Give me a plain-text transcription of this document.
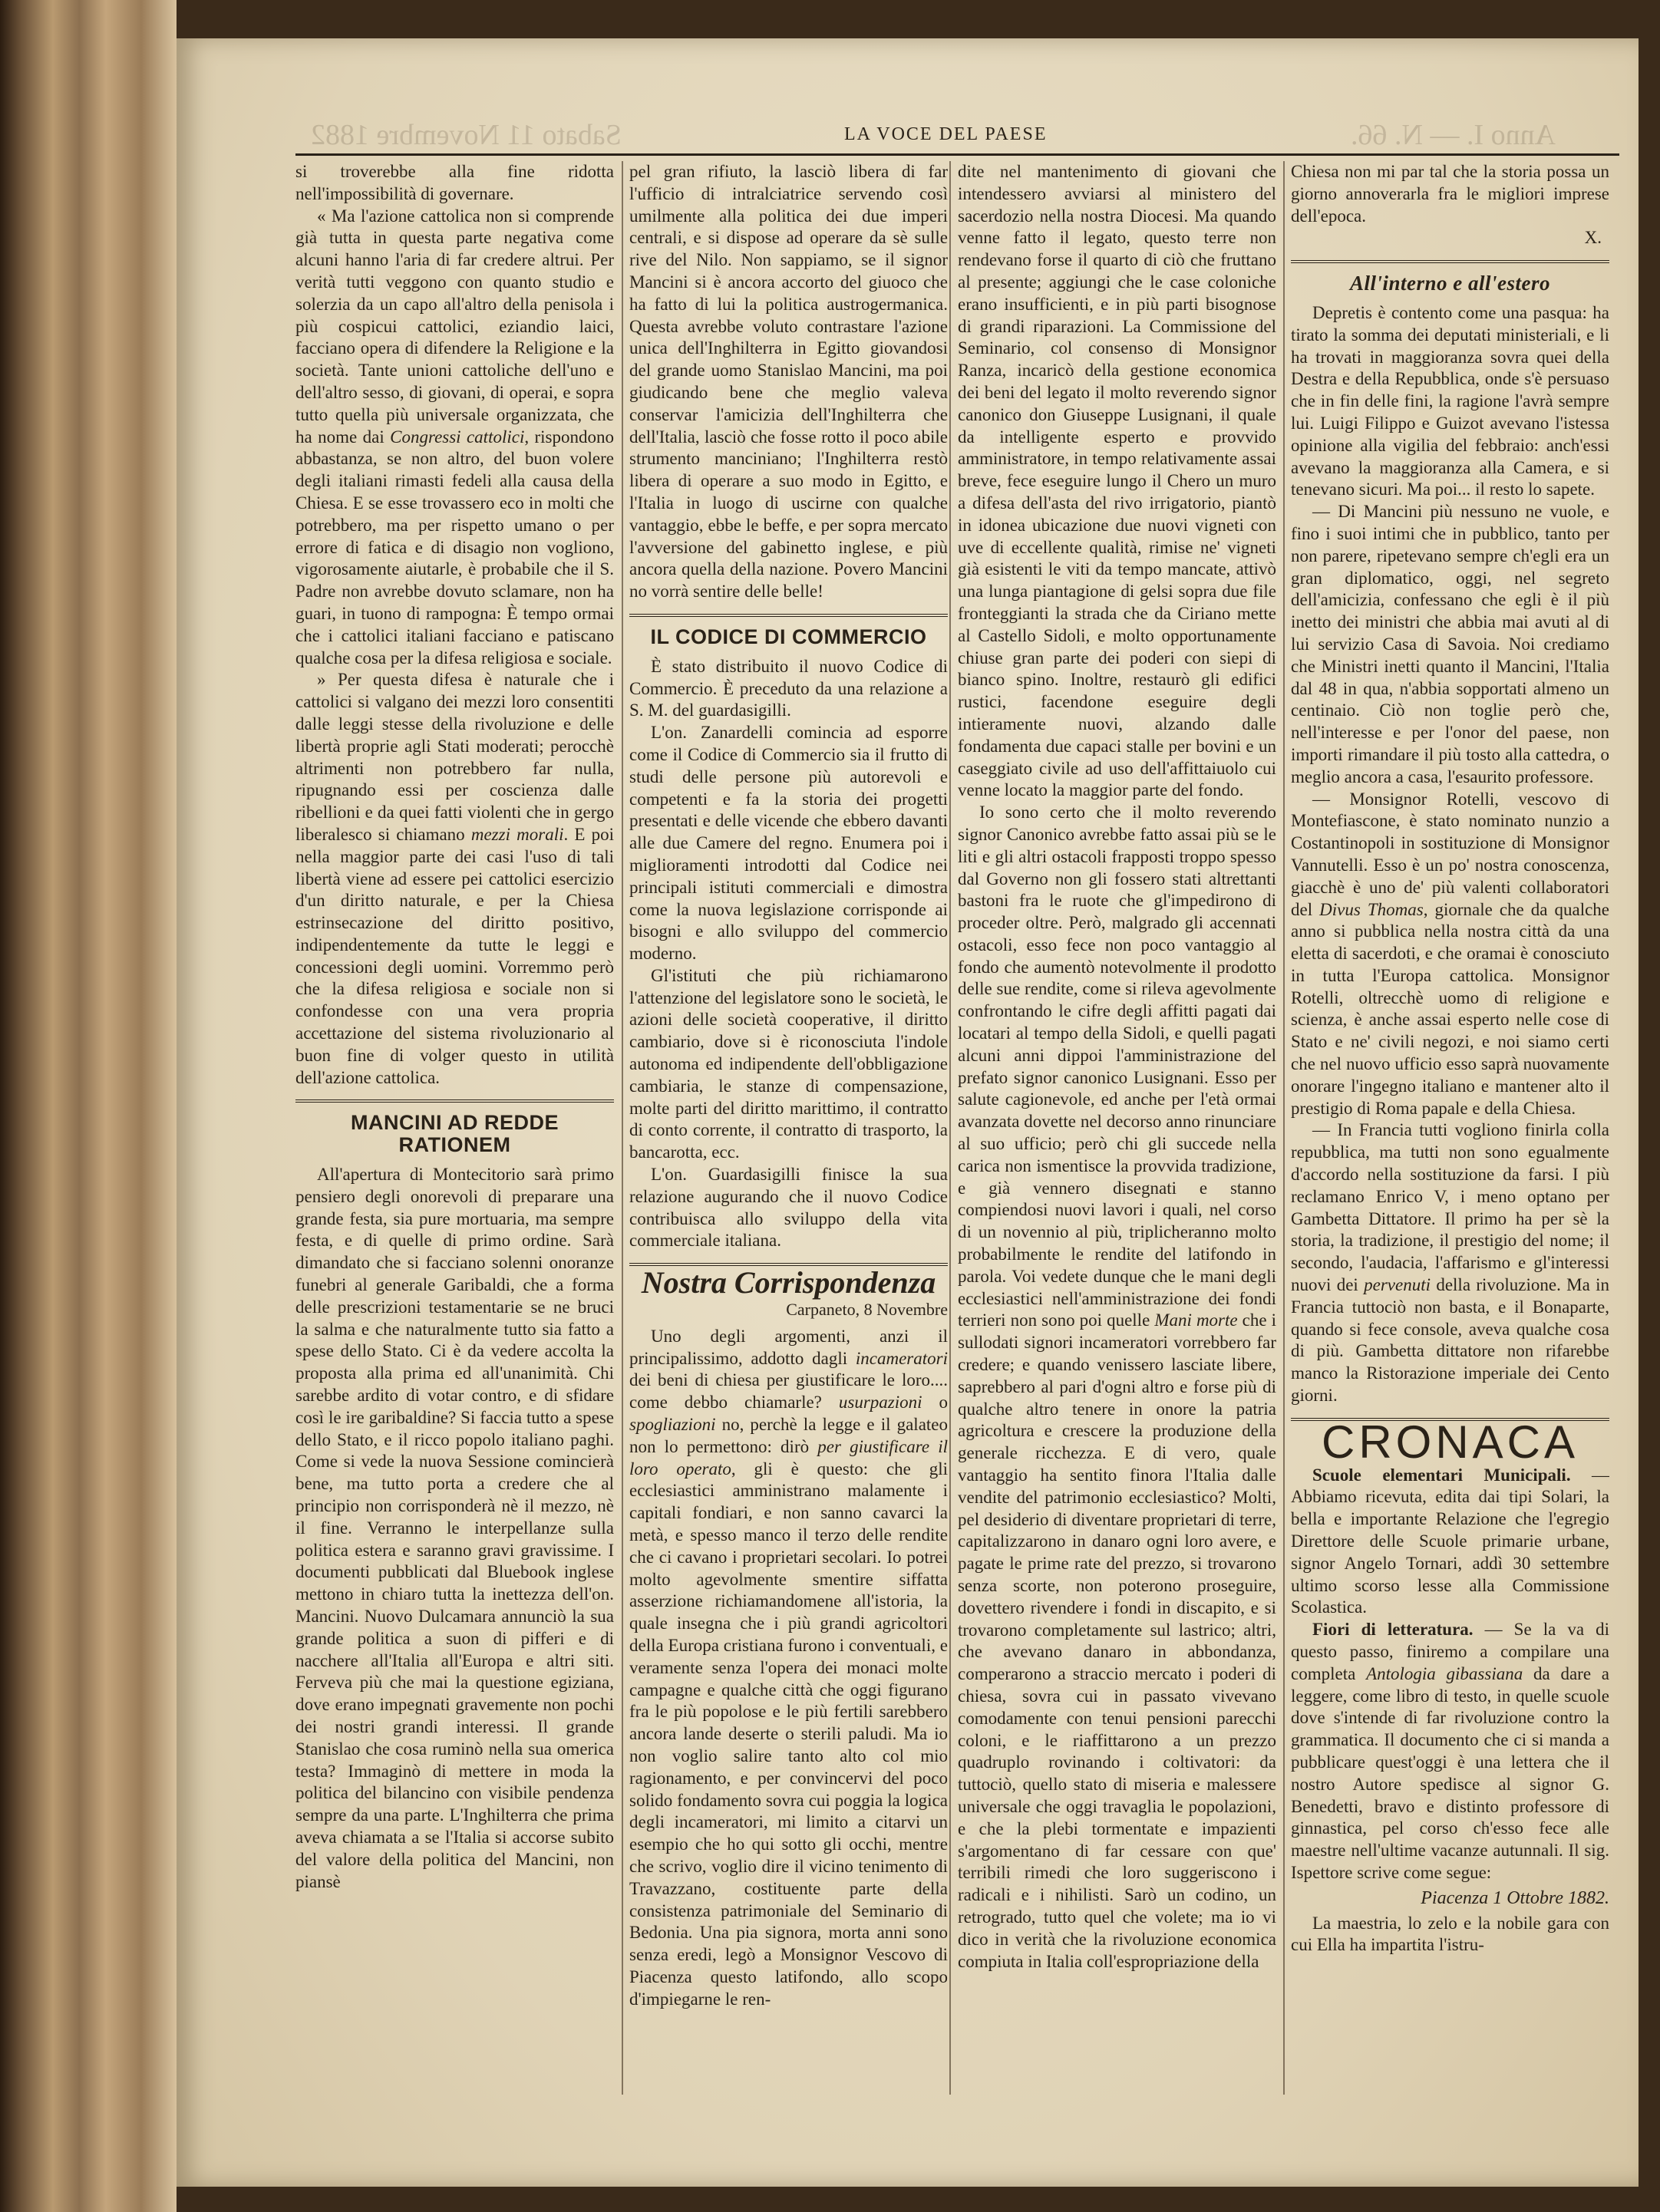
Sabato 11 Novembre 1882	LA VOCE DEL PAESE	Anno I. — N. 66.

si troverebbe alla fine ridotta nell'impossibilità di governare.

« Ma l'azione cattolica non si comprende già tutta in questa parte negativa come alcuni hanno l'aria di far credere altrui. Per verità tutti veggono con quanto studio e solerzia da un capo all'altro della penisola i più cospicui cattolici, eziandio laici, facciano opera di difendere la Religione e la società. Tante unioni cattoliche dell'uno e dell'altro sesso, di giovani, di operai, e sopra tutto quella più universale organizzata, che ha nome dai Congressi cattolici, rispondono abbastanza, se non altro, del buon volere degli italiani rimasti fedeli alla causa della Chiesa. E se esse trovassero eco in molti che potrebbero, ma per rispetto umano o per errore di fatica e di disagio non vogliono, vigorosamente aiutarle, è probabile che il S. Padre non avrebbe dovuto sclamare, non ha guari, in tuono di rampogna: È tempo ormai che i cattolici italiani facciano e patiscano qualche cosa per la difesa religiosa e sociale.

» Per questa difesa è naturale che i cattolici si valgano dei mezzi loro consentiti dalle leggi stesse della rivoluzione e delle libertà proprie agli Stati moderati; perocchè altrimenti non potrebbero far nulla, ripugnando essi per coscienza dalle ribellioni e da quei fatti violenti che in gergo liberalesco si chiamano mezzi morali. E poi nella maggior parte dei casi l'uso di tali libertà viene ad essere pei cattolici esercizio d'un diritto naturale, e per la Chiesa estrinsecazione del diritto positivo, indipendentemente da tutte le leggi e concessioni degli uomini. Vorremmo però che la difesa religiosa e sociale non si confondesse con una vera propria accettazione del sistema rivoluzionario al buon fine di volger questo in utilità dell'azione cattolica.

MANCINI AD REDDE RATIONEM

All'apertura di Montecitorio sarà primo pensiero degli onorevoli di preparare una grande festa, sia pure mortuaria, ma sempre festa, e di quelle di primo ordine. Sarà dimandato che si facciano solenni onoranze funebri al generale Garibaldi, che a forma delle prescrizioni testamentarie se ne bruci la salma e che naturalmente tutto sia fatto a spese dello Stato. Ci è da vedere accolta la proposta alla prima ed all'unanimità. Chi sarebbe ardito di votar contro, e di sfidare così le ire garibaldine? Si faccia tutto a spese dello Stato, e il ricco popolo italiano paghi. Come si vede la nuova Sessione comincierà bene, ma tutto porta a credere che al principio non corrisponderà nè il mezzo, nè il fine. Verranno le interpellanze sulla politica estera e saranno gravi gravissime. I documenti pubblicati dal Bluebook inglese mettono in chiaro tutta la inettezza dell'on. Mancini. Nuovo Dulcamara annunciò la sua grande politica a suon di pifferi e di nacchere all'Italia all'Europa e altri siti. Ferveva più che mai la questione egiziana, dove erano impegnati gravemente non pochi dei nostri grandi interessi. Il grande Stanislao che cosa ruminò nella sua omerica testa? Immaginò di mettere in moda la politica del bilancino con visibile pendenza sempre da una parte. L'Inghilterra che prima aveva chiamata a se l'Italia si accorse subito del valore della politica del Mancini, non piansè

pel gran rifiuto, la lasciò libera di far l'ufficio di intralciatrice servendo così umilmente alla politica dei due imperi centrali, e si dispose ad operare da sè sulle rive del Nilo. Non sappiamo, se il signor Mancini si è ancora accorto del giuoco che ha fatto di lui la politica austrogermanica. Questa avrebbe voluto contrastare l'azione unica dell'Inghilterra in Egitto giovandosi del grande uomo Stanislao Mancini, ma poi giudicando bene che meglio valeva conservar l'amicizia dell'Inghilterra che dell'Italia, lasciò che fosse rotto il poco abile strumento manciniano; l'Inghilterra restò libera di operare a suo modo in Egitto, e l'Italia in luogo di uscirne con qualche vantaggio, ebbe le beffe, e per sopra mercato l'avversione del gabinetto inglese, e più ancora quella della nazione. Povero Mancini no vorrà sentire delle belle!

IL CODICE DI COMMERCIO

È stato distribuito il nuovo Codice di Commercio. È preceduto da una relazione a S. M. del guardasigilli.

L'on. Zanardelli comincia ad esporre come il Codice di Commercio sia il frutto di studi delle persone più autorevoli e competenti e fa la storia dei progetti presentati e delle vicende che ebbero davanti alle due Camere del regno. Enumera poi i miglioramenti introdotti dal Codice nei principali istituti commerciali e dimostra come la nuova legislazione corrisponde ai bisogni e allo sviluppo del commercio moderno.

Gl'istituti che più richiamarono l'attenzione del legislatore sono le società, le azioni delle società cooperative, il diritto cambiario, dove si è riconosciuta l'indole autonoma ed indipendente dell'obbligazione cambiaria, le stanze di compensazione, molte parti del diritto marittimo, il contratto di conto corrente, il contratto di trasporto, la bancarotta, ecc.

L'on. Guardasigilli finisce la sua relazione augurando che il nuovo Codice contribuisca allo sviluppo della vita commerciale italiana.

Nostra Corrispondenza
Carpaneto, 8 Novembre

Uno degli argomenti, anzi il principalissimo, addotto dagli incameratori dei beni di chiesa per giustificare le loro.... come debbo chiamarle? usurpazioni o spogliazioni no, perchè la legge e il galateo non lo permettono: dirò per giustificare il loro operato, gli è questo: che gli ecclesiastici amministrano malamente i capitali fondiari, e non sanno cavarci la metà, e spesso manco il terzo delle rendite che ci cavano i proprietari secolari. Io potrei molto agevolmente smentire siffatta asserzione richiamandomene all'istoria, la quale insegna che i più grandi agricoltori della Europa cristiana furono i conventuali, e veramente senza l'opera dei monaci molte campagne e qualche città che oggi figurano fra le più popolose e le più fertili sarebbero ancora lande deserte o sterili paludi. Ma io non voglio salire tanto alto col mio ragionamento, e per convincervi del poco solido fondamento sovra cui poggia la logica degli incameratori, mi limito a citarvi un esempio che ho qui sotto gli occhi, mentre che scrivo, voglio dire il vicino tenimento di Travazzano, costituente parte della consistenza patrimoniale del Seminario di Bedonia. Una pia signora, morta anni sono senza eredi, legò a Monsignor Vescovo di Piacenza questo latifondo, allo scopo d'impiegarne le ren-

dite nel mantenimento di giovani che intendessero avviarsi al ministero del sacerdozio nella nostra Diocesi. Ma quando venne fatto il legato, questo terre non rendevano forse il quarto di ciò che fruttano al presente; aggiungi che le case coloniche erano insufficienti, e in più parti bisognose di grandi riparazioni. La Commissione del Seminario, col consenso di Monsignor Ranza, incaricò della gestione economica dei beni del legato il molto reverendo signor canonico don Giuseppe Lusignani, il quale da intelligente esperto e provvido amministratore, in tempo relativamente assai breve, fece eseguire lungo il Chero un muro a difesa dell'asta del rivo irrigatorio, piantò in idonea ubicazione due nuovi vigneti con uve di eccellente qualità, rimise ne' vigneti già esistenti le viti da tempo mancate, attivò una lunga piantagione di gelsi sopra due file fronteggianti la strada che da Ciriano mette al Castello Sidoli, e molto opportunamente chiuse gran parte dei poderi con siepi di bianco spino. Inoltre, restaurò gli edifici rustici, facendone eseguire degli intieramente nuovi, alzando dalle fondamenta due capaci stalle per bovini e un caseggiato civile ad uso dell'affittaiuolo cui venne locato la maggior parte del fondo.

Io sono certo che il molto reverendo signor Canonico avrebbe fatto assai più se le liti e gli altri ostacoli frapposti troppo spesso dal Governo non gli fossero stati altrettanti bastoni fra le ruote che gl'impedirono di proceder oltre. Però, malgrado gli accennati ostacoli, esso fece non poco vantaggio al fondo che aumentò notevolmente il prodotto delle sue rendite, come si rileva agevolmente confrontando le cifre degli affitti pagati dai locatari al tempo della Sidoli, e quelli pagati alcuni anni dippoi l'amministrazione del prefato signor canonico Lusignani. Esso per salute cagionevole, ed anche per l'età ormai avanzata dovette nel decorso anno rinunciare al suo ufficio; però chi gli succede nella carica non ismentisce la provvida tradizione, e già vennero disegnati e stanno compiendosi nuovi lavori i quali, nel corso di un novennio al più, triplicheranno molto probabilmente le rendite del latifondo in parola. Voi vedete dunque che le mani degli ecclesiastici nell'amministrazione dei fondi terrieri non sono poi quelle Mani morte che i sullodati signori incameratori vorrebbero far credere; e quando venissero lasciate libere, saprebbero al pari d'ogni altro e forse più di qualche altro tenere in onore la patria agricoltura e crescere la produzione della generale ricchezza. E di vero, quale vantaggio ha sentito finora l'Italia dalle vendite del patrimonio ecclesiastico? Molti, pel desiderio di diventare proprietari di terre, capitalizzarono in danaro ogni loro avere, e pagate le prime rate del prezzo, si trovarono senza scorte, non poterono proseguire, dovettero rivendere i fondi in discapito, e si trovarono completamente sul lastrico; altri, che avevano danaro in abbondanza, comperarono a straccio mercato i poderi di chiesa, sovra cui in passato vivevano comodamente con tenui pensioni parecchi coloni, e le riaffittarono a un prezzo quadruplo rovinando i coltivatori: da tuttociò, quello stato di miseria e malessere universale che oggi travaglia le popolazioni, e che la plebi tormentate e impazienti s'argomentano di far cessare con que' terribili rimedi che loro suggeriscono i radicali e i nihilisti. Sarò un codino, un retrogrado, tutto quel che volete; ma io vi dico in verità che la rivoluzione economica compiuta in Italia coll'espropriazione della

Chiesa non mi par tal che la storia possa un giorno annoverarla fra le migliori imprese dell'epoca.

X.
All'interno e all'estero

Depretis è contento come una pasqua: ha tirato la somma dei deputati ministeriali, e li ha trovati in maggioranza sovra quei della Destra e della Repubblica, onde s'è persuaso che in fin delle fini, la ragione l'avrà sempre lui. Luigi Filippo e Guizot avevano l'istessa opinione alla vigilia del febbraio: anch'essi avevano la maggioranza alla Camera, e si tenevano sicuri. Ma poi... il resto lo sapete.

— Di Mancini più nessuno ne vuole, e fino i suoi intimi che in pubblico, tanto per non parere, ripetevano sempre ch'egli era un gran diplomatico, oggi, nel segreto dell'amicizia, confessano che egli è il più inetto dei ministri che abbia mai avuti al di lui servizio Casa di Savoia. Noi crediamo che Ministri inetti quanto il Mancini, l'Italia dal 48 in qua, n'abbia sopportati almeno un centinaio. Ciò non toglie però che, nell'interesse e per l'onor del paese, non importi rimandare il più tosto alla cattedra, o meglio ancora a casa, l'esaurito professore.

— Monsignor Rotelli, vescovo di Montefiascone, è stato nominato nunzio a Costantinopoli in sostituzione di Monsignor Vannutelli. Esso è un po' nostra conoscenza, giacchè è uno de' più valenti collaboratori del Divus Thomas, giornale che da qualche anno si pubblica nella nostra città da una eletta di sacerdoti, e che oramai è conosciuto in tutta l'Europa cattolica. Monsignor Rotelli, oltrecchè uomo di religione e scienza, è anche assai esperto nelle cose di Stato e ne' civili negozi, e noi siamo certi che nel nuovo ufficio esso saprà nuovamente onorare l'ingegno italiano e mantener alto il prestigio di Roma papale e della Chiesa.

— In Francia tutti vogliono finirla colla repubblica, ma tutti non sono egualmente d'accordo nella sostituzione da farsi. I più reclamano Enrico V, i meno optano per Gambetta Dittatore. Il primo ha per sè la storia, la tradizione, il prestigio del nome; il secondo, l'audacia, l'affarismo e gl'interessi nuovi dei pervenuti della rivoluzione. Ma in Francia tuttociò non basta, e il Bonaparte, quando si fece console, aveva qualche cosa di più. Gambetta dittatore non rifarebbe manco la Ristorazione imperiale dei Cento giorni.

CRONACA

Scuole elementari Municipali. — Abbiamo ricevuta, edita dai tipi Solari, la bella e importante Relazione che l'egregio Direttore delle Scuole primarie urbane, signor Angelo Tornari, addì 30 settembre ultimo scorso lesse alla Commissione Scolastica.

Fiori di letteratura. — Se la va di questo passo, finiremo a compilare una completa Antologia gibassiana da dare a leggere, come libro di testo, in quelle scuole dove s'intende di far rivoluzione contro la grammatica. Il documento che ci si manda a pubblicare quest'oggi è una lettera che il nostro Autore spedisce al signor G. Benedetti, bravo e distinto professore di ginnastica, pel corso ch'esso fece alle maestre nell'ultime vacanze autunnali. Il sig. Ispettore scrive come segue:

Piacenza 1 Ottobre 1882.

La maestria, lo zelo e la nobile gara con cui Ella ha impartita l'istru-
